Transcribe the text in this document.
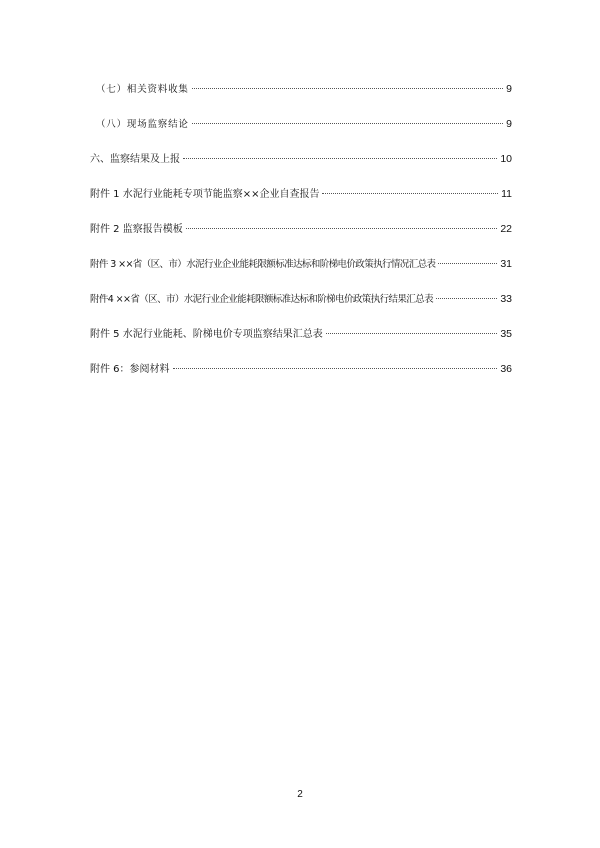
（七）相关资料收集	9
（八）现场监察结论	9
六、监察结果及上报	10
附件 1 水泥行业能耗专项节能监察××企业自查报告	11
附件 2 监察报告模板	22
附件 3 ××省（区、市）水泥行业企业能耗限额标准达标和阶梯电价政策执行情况汇总表	31
附件4 ××省（区、市）水泥行业企业能耗限额标准达标和阶梯电价政策执行结果汇总表	33
附件 5 水泥行业能耗、阶梯电价专项监察结果汇总表	35
附件 6：参阅材料	36
2
